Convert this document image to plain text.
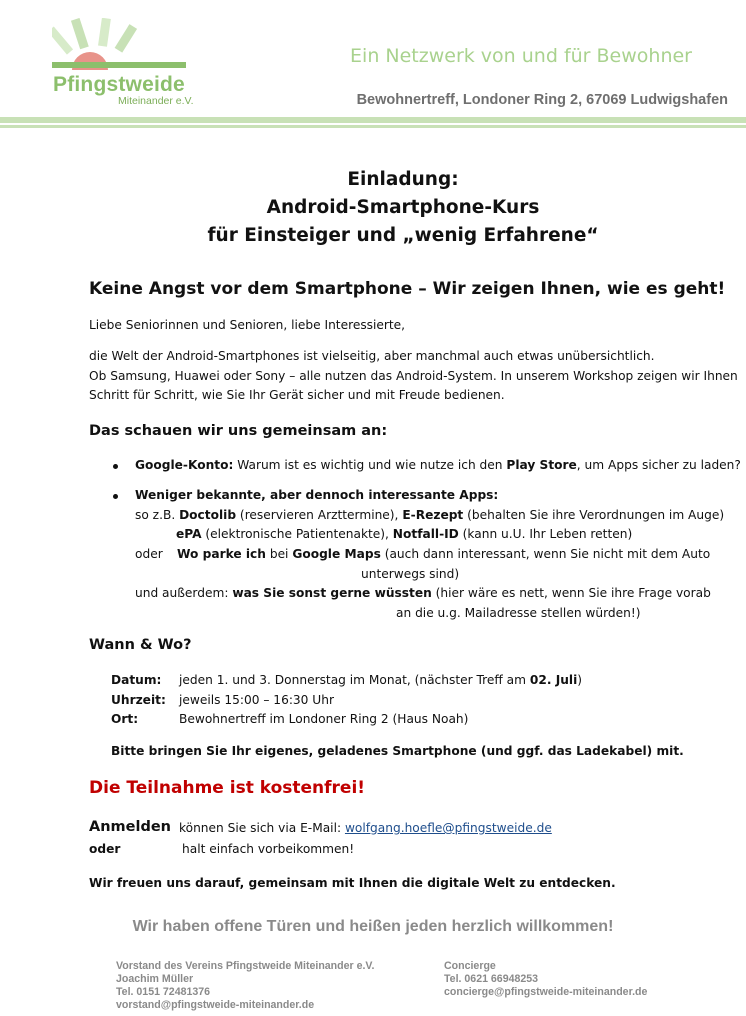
Pfingstweide
Miteinander e.V.
Ein Netzwerk von und für Bewohner
Bewohnertreff, Londoner Ring 2, 67069 Ludwigshafen
Einladung:
Android-Smartphone-Kurs
für Einsteiger und „wenig Erfahrene“
Keine Angst vor dem Smartphone – Wir zeigen Ihnen, wie es geht!
Liebe Seniorinnen und Senioren, liebe Interessierte,
die Welt der Android-Smartphones ist vielseitig, aber manchmal auch etwas unübersichtlich.
Ob Samsung, Huawei oder Sony – alle nutzen das Android-System. In unserem Workshop zeigen wir Ihnen
Schritt für Schritt, wie Sie Ihr Gerät sicher und mit Freude bedienen.
Das schauen wir uns gemeinsam an:
Google-Konto: Warum ist es wichtig und wie nutze ich den Play Store, um Apps sicher zu laden?
Weniger bekannte, aber dennoch interessante Apps:
so z.B. Doctolib (reservieren Arzttermine), E-Rezept (behalten Sie ihre Verordnungen im Auge)
ePA (elektronische Patientenakte), Notfall-ID (kann u.U. Ihr Leben retten)
oder Wo parke ich bei Google Maps (auch dann interessant, wenn Sie nicht mit dem Auto
unterwegs sind)
und außerdem: was Sie sonst gerne wüssten (hier wäre es nett, wenn Sie ihre Frage vorab
an die u.g. Mailadresse stellen würden!)
Wann & Wo?
Datum: jeden 1. und 3. Donnerstag im Monat, (nächster Treff am 02. Juli)
Uhrzeit: jeweils 15:00 – 16:30 Uhr
Ort:	Bewohnertreff im Londoner Ring 2 (Haus Noah)
Bitte bringen Sie Ihr eigenes, geladenes Smartphone (und ggf. das Ladekabel) mit.
Die Teilnahme ist kostenfrei!
Anmelden können Sie sich via E-Mail: wolfgang.hoefle@pfingstweide.de
oder	halt einfach vorbeikommen!
Wir freuen uns darauf, gemeinsam mit Ihnen die digitale Welt zu entdecken.
Wir haben offene Türen und heißen jeden herzlich willkommen!
Vorstand des Vereins Pfingstweide Miteinander e.V.
Joachim Müller
Tel. 0151 72481376
vorstand@pfingstweide-miteinander.de
Concierge
Tel. 0621 66948253
concierge@pfingstweide-miteinander.de
